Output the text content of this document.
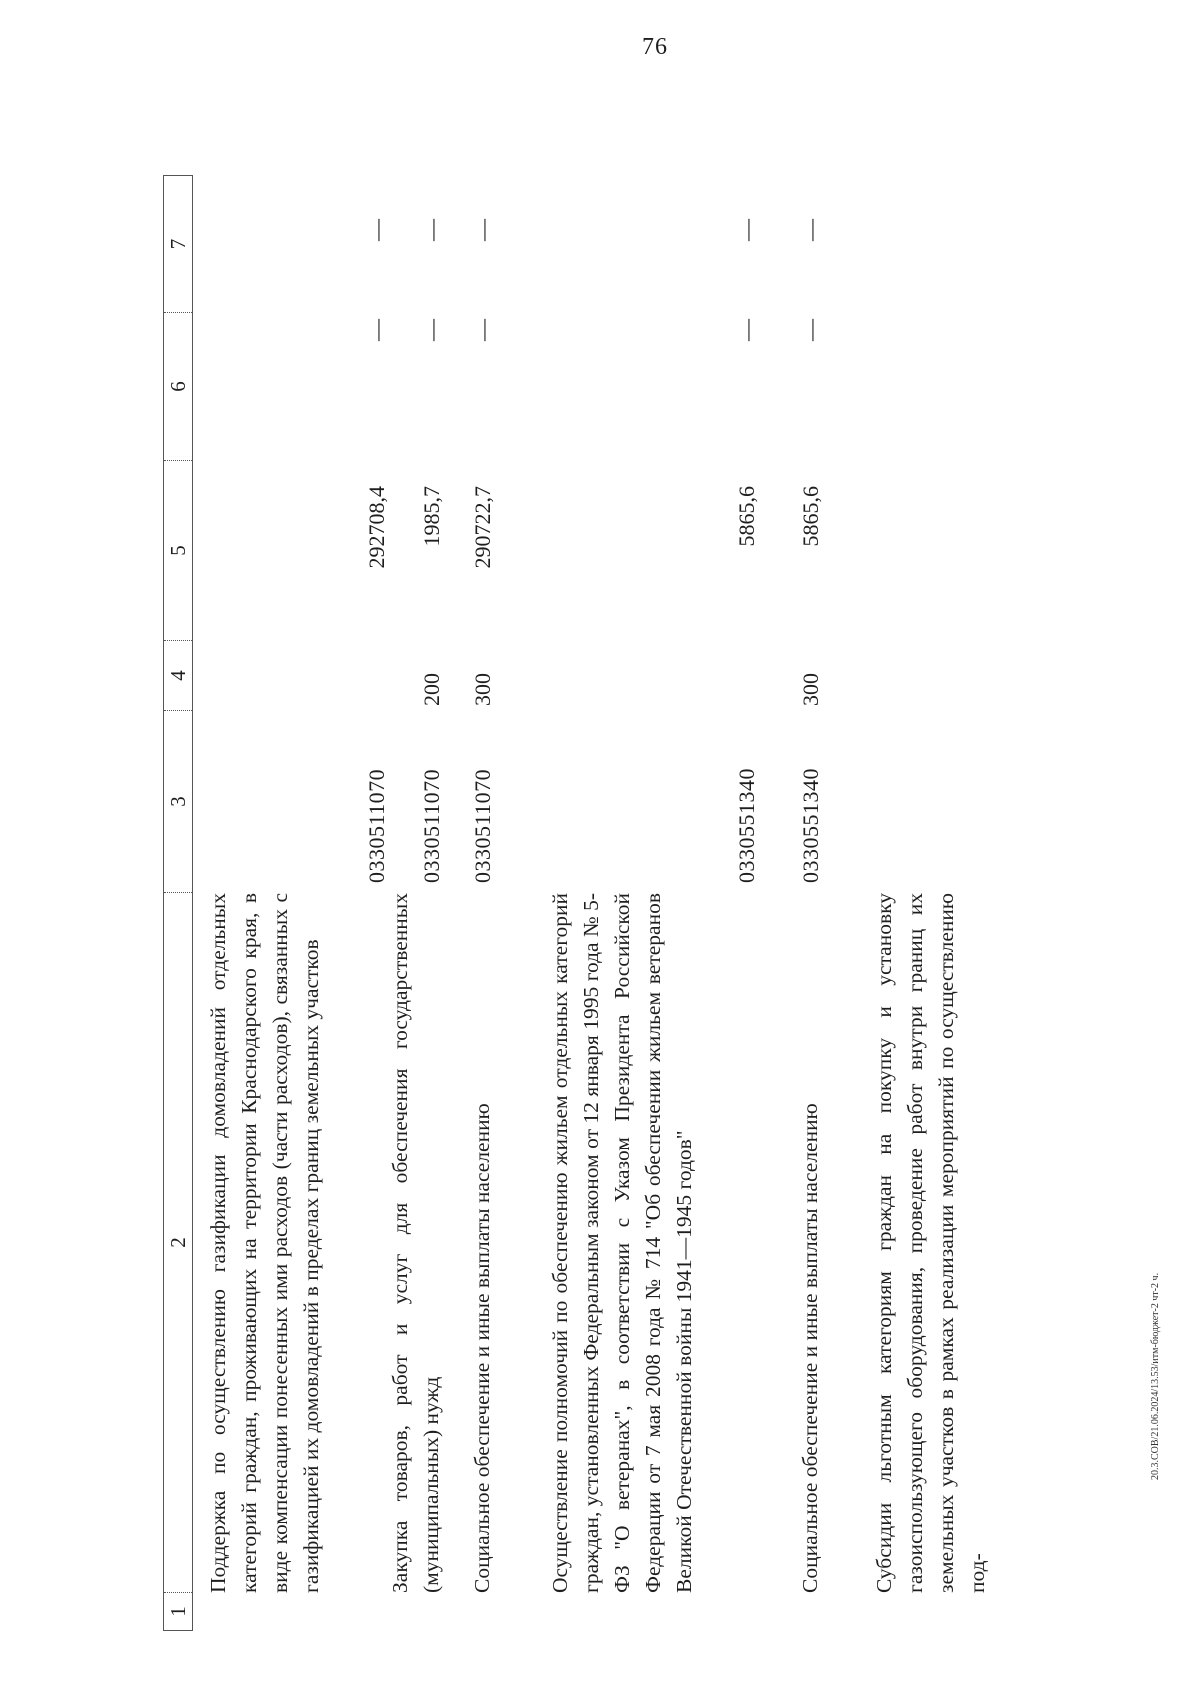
76
20.3.СОВ/21.06.2024/13.53/итм-бюджет-2 чт-2 ч.
1
2
3
4
5
6
7
Поддержка по осуществлению газификации домовладений отдельных категорий граждан, проживающих на территории Краснодарского края, в виде компенсации понесенных ими расходов (части расходов), связанных с газификацией их домовладений в пределах границ земельных участков
0330511070
292708,4
—
—
Закупка товаров, работ и услуг для обеспечения государственных (муниципальных) нужд
0330511070
200
1985,7
—
—
Социальное обеспечение и иные выплаты населению
0330511070
300
290722,7
—
—
Осуществление полномочий по обеспечению жильем отдельных категорий граждан, установленных Федеральным законом от 12 января 1995 года № 5-ФЗ "О ветеранах", в соответствии с Указом Президента Российской Федерации от 7 мая 2008 года № 714 "Об обеспечении жильем ветеранов Великой Отечественной войны 1941—1945 годов"
0330551340
5865,6
—
—
Социальное обеспечение и иные выплаты населению
0330551340
300
5865,6
—
—
Субсидии льготным категориям граждан на покупку и установку газоиспользующего оборудования, проведение работ внутри границ их земельных участков в рамках реализации мероприятий по осуществлению под-
